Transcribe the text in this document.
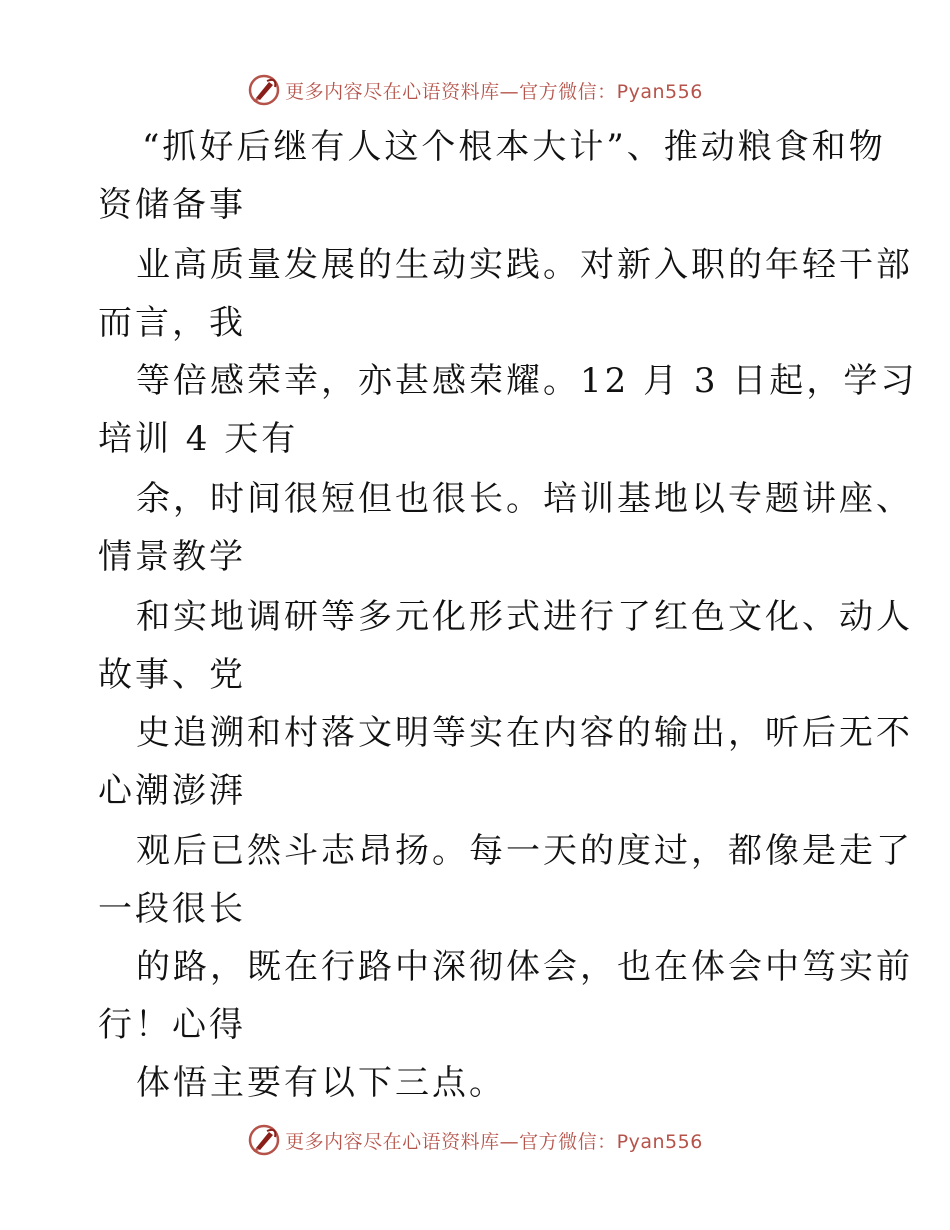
更多内容尽在心语资料库—官方微信：Pyan556
“抓好后继有人这个根本大计”、推动粮食和物
资储备事
业高质量发展的生动实践。对新入职的年轻干部
而言，我
等倍感荣幸，亦甚感荣耀。12 月 3 日起，学习
培训 4 天有
余，时间很短但也很长。培训基地以专题讲座、
情景教学
和实地调研等多元化形式进行了红色文化、动人
故事、党
史追溯和村落文明等实在内容的输出，听后无不
心潮澎湃
观后已然斗志昂扬。每一天的度过，都像是走了
一段很长
的路，既在行路中深彻体会，也在体会中笃实前
行！心得
体悟主要有以下三点。
更多内容尽在心语资料库—官方微信：Pyan556
